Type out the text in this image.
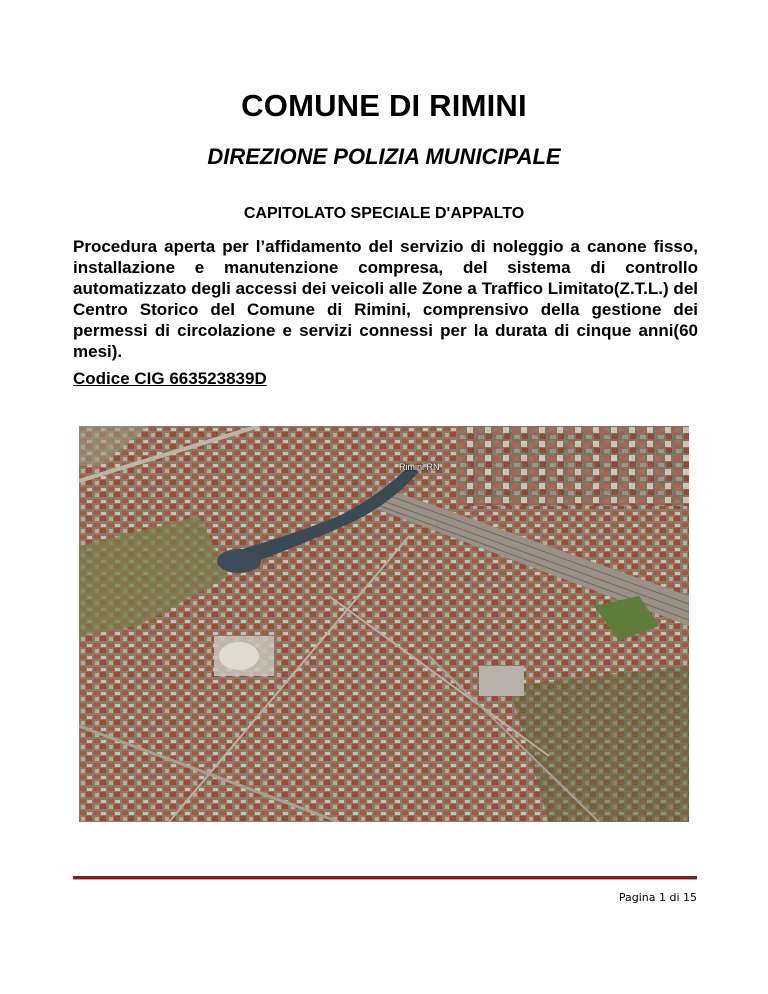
COMUNE DI RIMINI
DIREZIONE POLIZIA MUNICIPALE

CAPITOLATO SPECIALE D'APPALTO

Procedura aperta per l’affidamento del servizio di noleggio a canone fisso, installazione e manutenzione compresa, del sistema di controllo automatizzato degli accessi dei veicoli alle Zone a Traffico Limitato(Z.T.L.) del Centro Storico del Comune di Rimini, comprensivo della gestione dei permessi di circolazione e servizi connessi per la durata di cinque anni(60 mesi).

Codice CIG 663523839D

Rimini RN
Pagina 1 di 15
